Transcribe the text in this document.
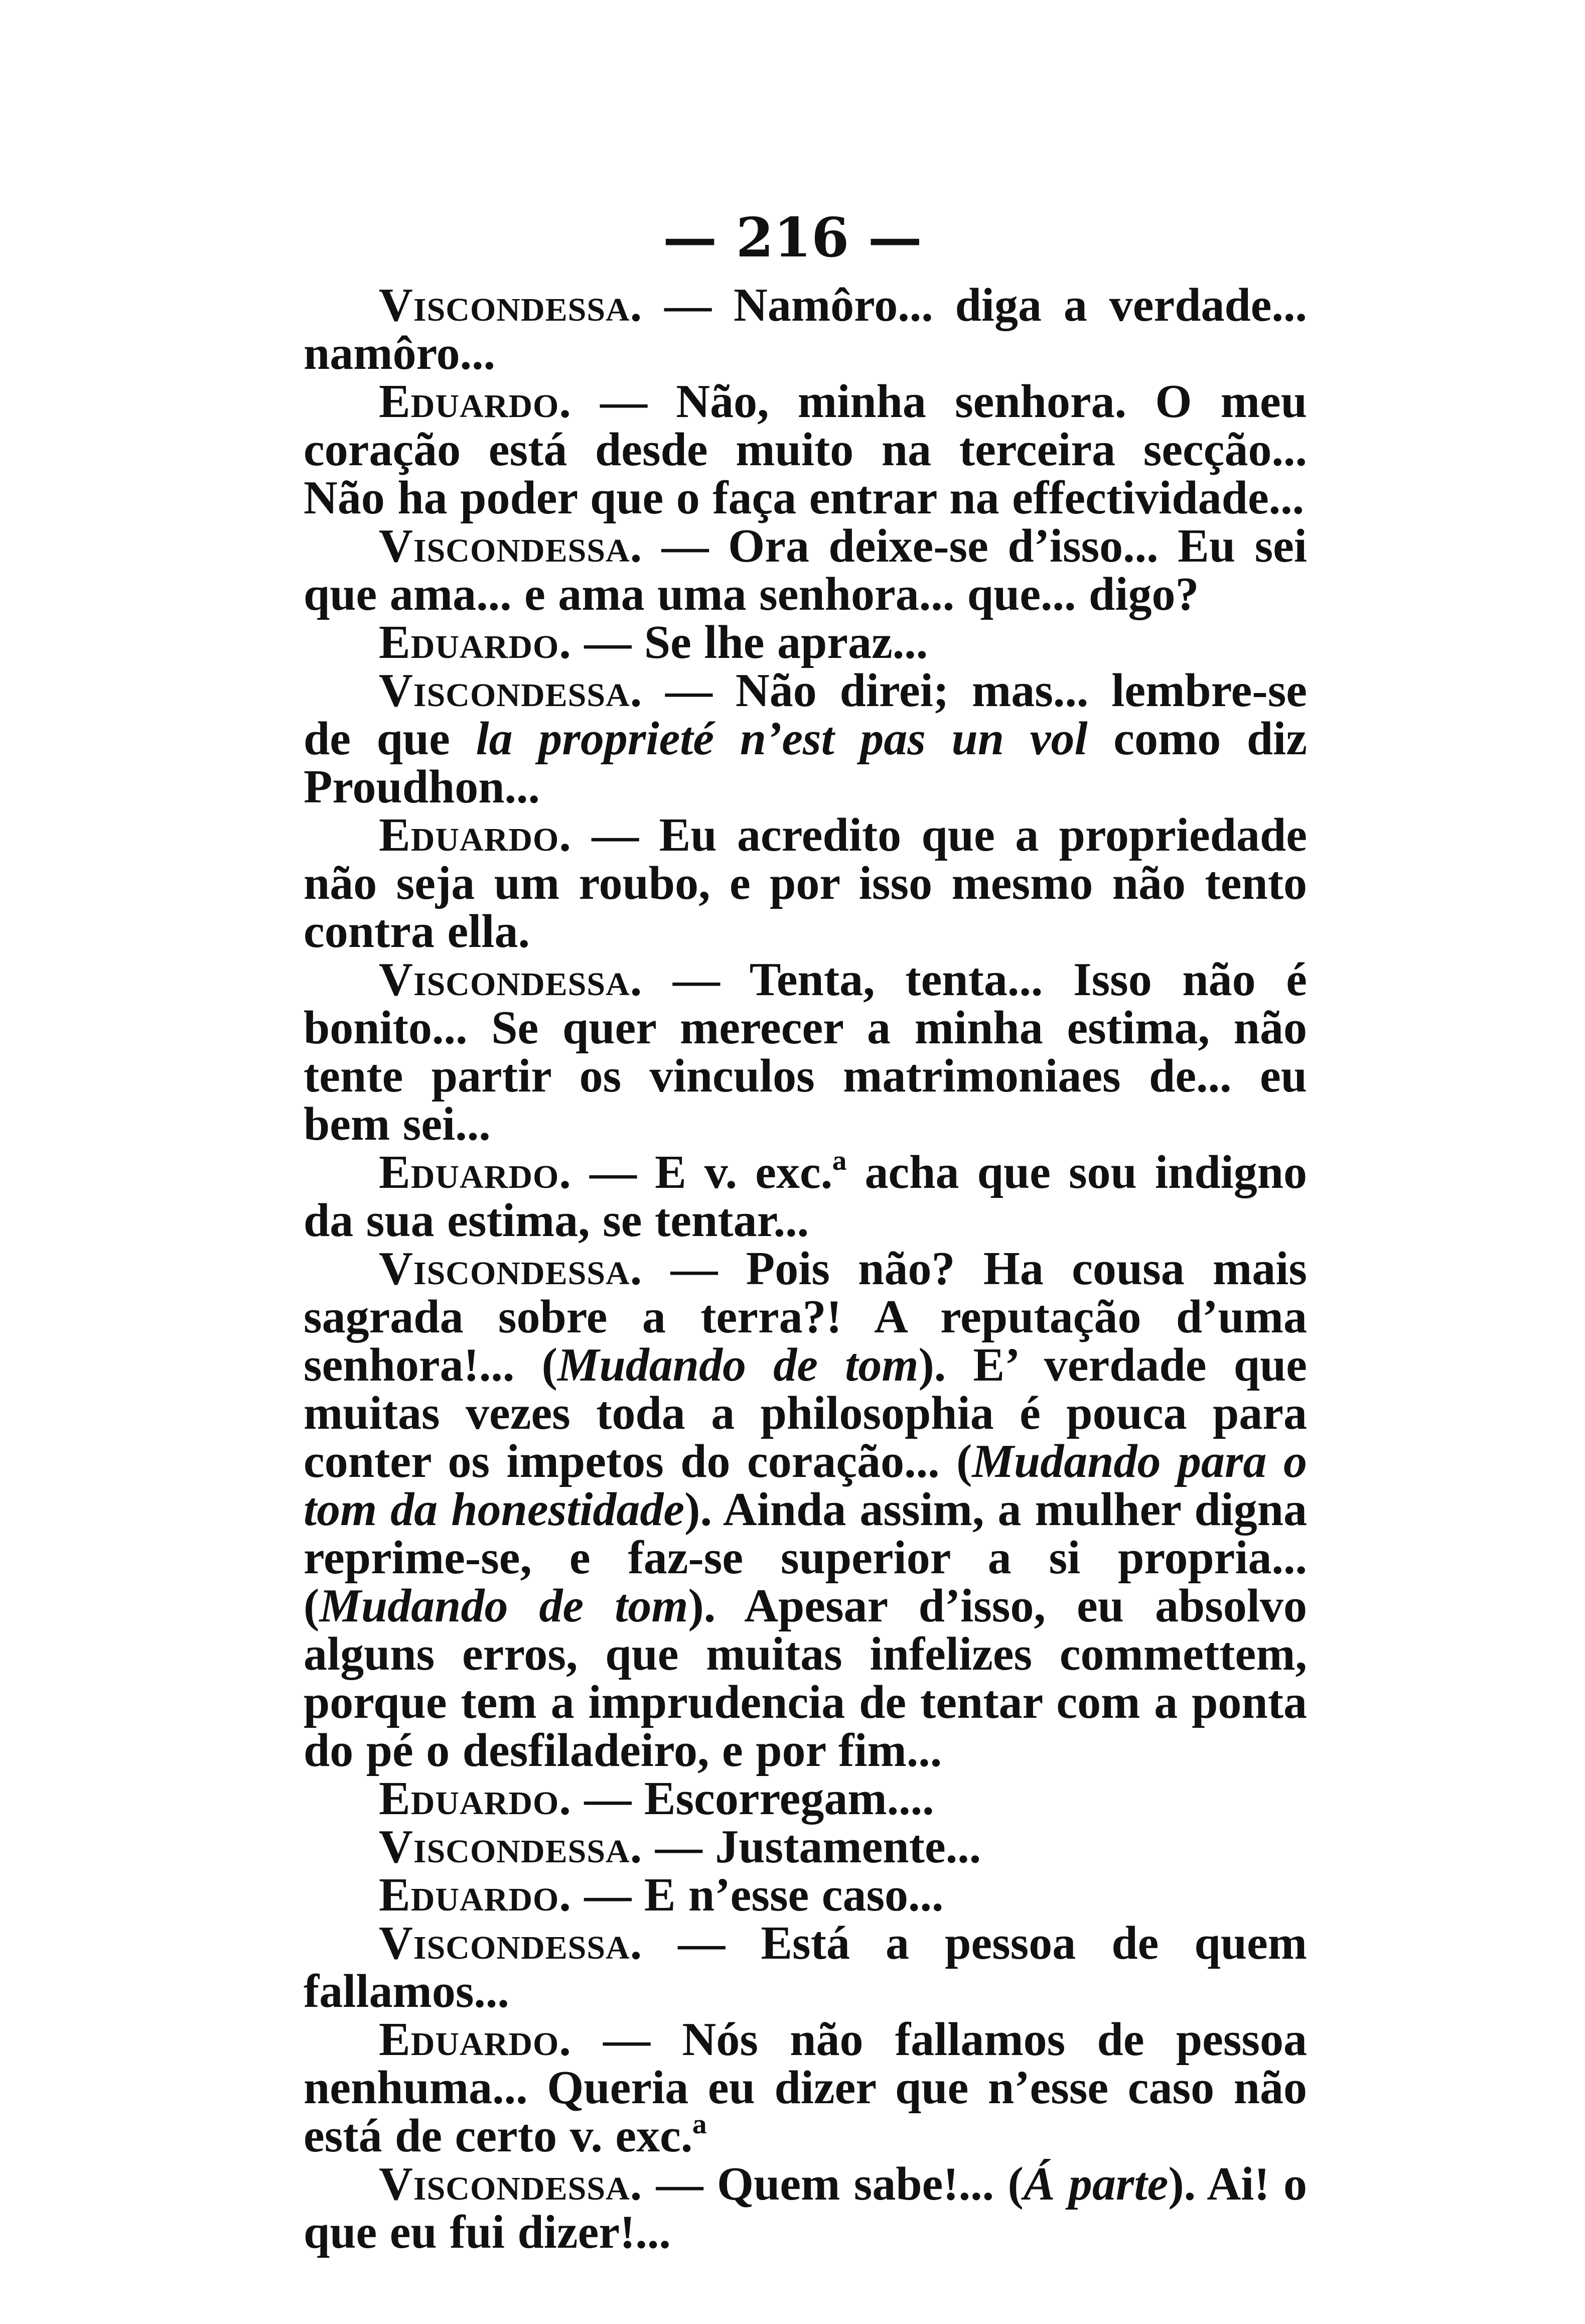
— 216 —

Viscondessa. — Namôro... diga a verdade... namôro...

Eduardo. — Não, minha senhora. O meu coração está desde muito na terceira secção... Não ha poder que o faça entrar na effectividade...

Viscondessa. — Ora deixe-se d’isso... Eu sei que ama... e ama uma senhora... que... digo?

Eduardo. — Se lhe apraz...

Viscondessa. — Não direi; mas... lembre-se de que la proprieté n’est pas un vol como diz Proudhon...

Eduardo. — Eu acredito que a propriedade não seja um roubo, e por isso mesmo não tento contra ella.

Viscondessa. — Tenta, tenta... Isso não é bonito... Se quer merecer a minha estima, não tente partir os vinculos matrimoniaes de... eu bem sei...

Eduardo. — E v. exc.ª acha que sou indigno da sua estima, se tentar...

Viscondessa. — Pois não? Ha cousa mais sagrada sobre a terra?! A reputação d’uma senhora!... (Mudando de tom). E’ verdade que muitas vezes toda a philosophia é pouca para conter os impetos do coração... (Mudando para o tom da honestidade). Ainda assim, a mulher digna reprime-se, e faz-se superior a si propria... (Mudando de tom). Apesar d’isso, eu absolvo alguns erros, que muitas infelizes commettem, porque tem a imprudencia de tentar com a ponta do pé o desfiladeiro, e por fim...

Eduardo. — Escorregam....

Viscondessa. — Justamente...

Eduardo. — E n’esse caso...

Viscondessa. — Está a pessoa de quem fallamos...

Eduardo. — Nós não fallamos de pessoa nenhuma... Queria eu dizer que n’esse caso não está de certo v. exc.ª

Viscondessa. — Quem sabe!... (Á parte). Ai! o que eu fui dizer!...
